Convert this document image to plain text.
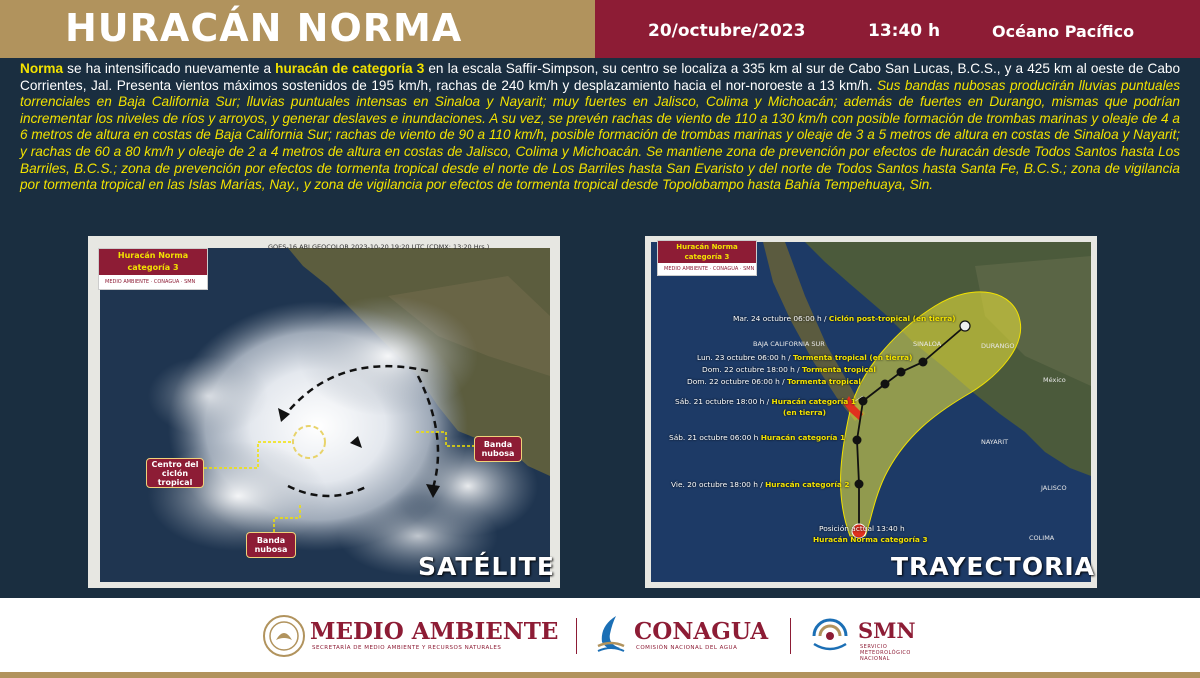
HURACÁN NORMA	20/octubre/2023	13:40 h	Océano Pacífico
Norma se ha intensificado nuevamente a huracán de categoría 3 en la escala Saffir-Simpson, su centro se localiza a 335 km al sur de Cabo San Lucas, B.C.S., y a 425 km al oeste de Cabo Corrientes, Jal. Presenta vientos máximos sostenidos de 195 km/h, rachas de 240 km/h y desplazamiento hacia el nor-noroeste a 13 km/h. Sus bandas nubosas producirán lluvias puntuales torrenciales en Baja California Sur; lluvias puntuales intensas en Sinaloa y Nayarit; muy fuertes en Jalisco, Colima y Michoacán; además de fuertes en Durango, mismas que podrían incrementar los niveles de ríos y arroyos, y generar deslaves e inundaciones. A su vez, se prevén rachas de viento de 110 a 130 km/h con posible formación de trombas marinas y oleaje de 4 a 6 metros de altura en costas de Baja California Sur; rachas de viento de 90 a 110 km/h, posible formación de trombas marinas y oleaje de 3 a 5 metros de altura en costas de Sinaloa y Nayarit; y rachas de 60 a 80 km/h y oleaje de 2 a 4 metros de altura en costas de Jalisco, Colima y Michoacán. Se mantiene zona de prevención por efectos de huracán desde Todos Santos hasta Los Barriles, B.C.S.; zona de prevención por efectos de tormenta tropical desde el norte de Los Barriles hasta San Evaristo y del norte de Todos Santos hasta Santa Fe, B.C.S.; zona de vigilancia por tormenta tropical en las Islas Marías, Nay., y zona de vigilancia por efectos de tormenta tropical desde Topolobampo hasta Bahía Tempehuaya, Sin.
Huracán Norma
categoría 3
MEDIO AMBIENTE · CONAGUA · SMN
GOES-16 ABI GEOCOLOR 2023-10-20 19:20 UTC (CDMX: 13:20 Hrs.)
Centro del ciclón tropical
Banda nubosa
Banda nubosa
SATÉLITE
Huracán Norma
categoría 3
MEDIO AMBIENTE · CONAGUA · SMN
BAJA CALIFORNIA SUR	SINALOA	DURANGO
NAYARIT
México
JALISCO
COLIMA
Mar. 24 octubre 06:00 h / Ciclón post-tropical (en tierra)
Lun. 23 octubre 06:00 h / Tormenta tropical (en tierra)
Dom. 22 octubre 18:00 h / Tormenta tropical
Dom. 22 octubre 06:00 h / Tormenta tropical
Sáb. 21 octubre 18:00 h / Huracán categoría 1
(en tierra)
Sáb. 21 octubre 06:00 h Huracán categoría 1
Vie. 20 octubre 18:00 h / Huracán categoría 2
Posición actual 13:40 h
Huracán Norma categoría 3
TRAYECTORIA
MEDIO AMBIENTE
SECRETARÍA DE MEDIO AMBIENTE Y RECURSOS NATURALES
CONAGUA
COMISIÓN NACIONAL DEL AGUA
SMN
SERVICIO
METEOROLÓGICO
NACIONAL
